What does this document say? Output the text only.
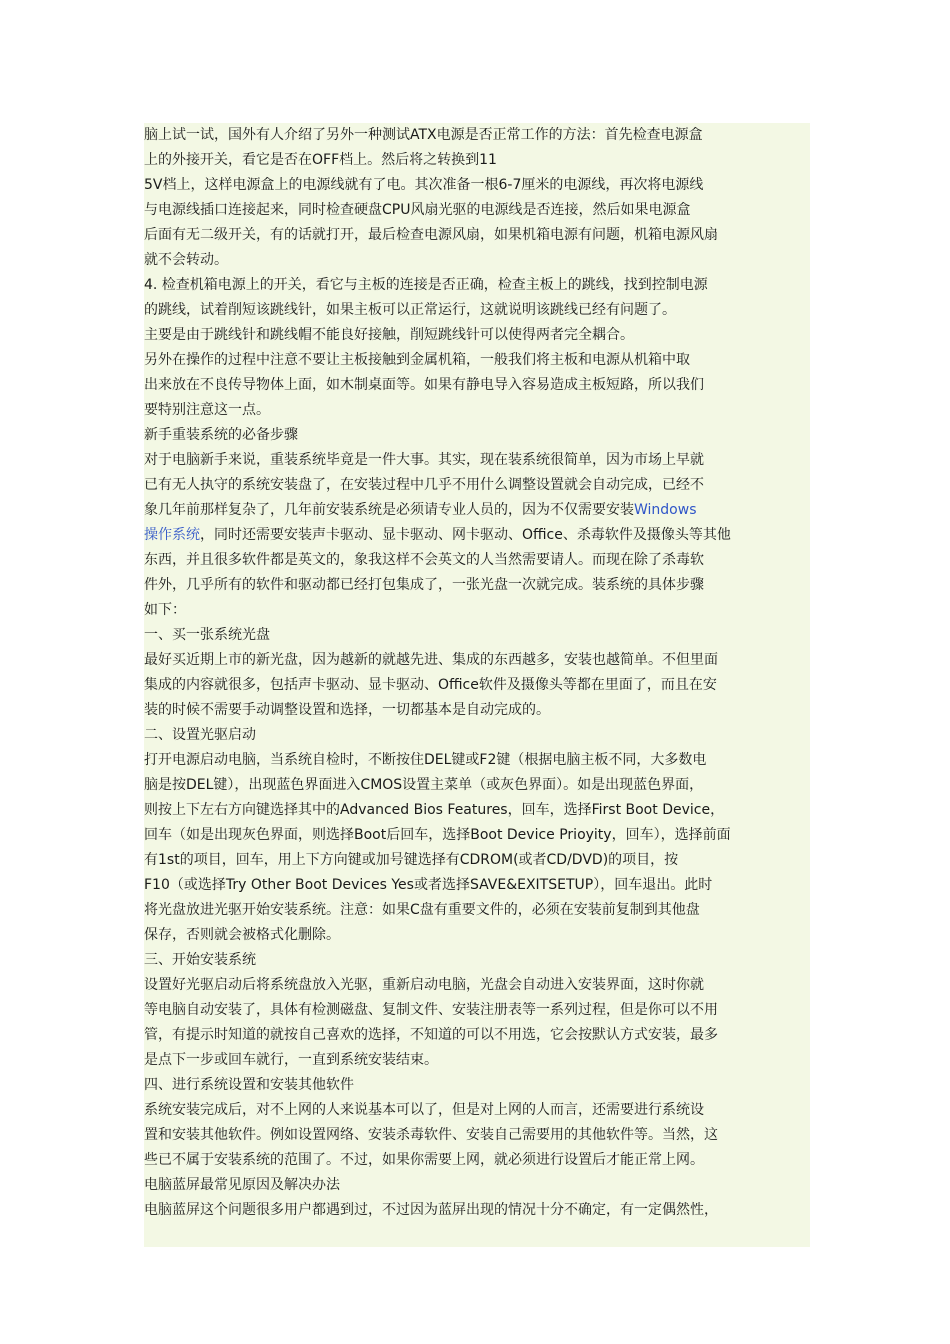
脑上试一试，国外有人介绍了另外一种测试ATX电源是否正常工作的方法：首先检查电源盒
上的外接开关，看它是否在OFF档上。然后将之转换到11
5V档上，这样电源盒上的电源线就有了电。其次准备一根6-7厘米的电源线，再次将电源线
与电源线插口连接起来，同时检查硬盘CPU风扇光驱的电源线是否连接，然后如果电源盒
后面有无二级开关，有的话就打开，最后检查电源风扇，如果机箱电源有问题，机箱电源风扇
就不会转动。
4. 检查机箱电源上的开关，看它与主板的连接是否正确，检查主板上的跳线，找到控制电源
的跳线，试着削短该跳线针，如果主板可以正常运行，这就说明该跳线已经有问题了。
主要是由于跳线针和跳线帽不能良好接触，削短跳线针可以使得两者完全耦合。
另外在操作的过程中注意不要让主板接触到金属机箱，一般我们将主板和电源从机箱中取
出来放在不良传导物体上面，如木制桌面等。如果有静电导入容易造成主板短路，所以我们
要特别注意这一点。
新手重装系统的必备步骤
对于电脑新手来说，重装系统毕竟是一件大事。其实，现在装系统很简单，因为市场上早就
已有无人执守的系统安装盘了，在安装过程中几乎不用什么调整设置就会自动完成，已经不
象几年前那样复杂了，几年前安装系统是必须请专业人员的，因为不仅需要安装Windows
操作系统，同时还需要安装声卡驱动、显卡驱动、网卡驱动、Office、杀毒软件及摄像头等其他
东西，并且很多软件都是英文的，象我这样不会英文的人当然需要请人。而现在除了杀毒软
件外，几乎所有的软件和驱动都已经打包集成了，一张光盘一次就完成。装系统的具体步骤
如下：
一、买一张系统光盘
最好买近期上市的新光盘，因为越新的就越先进、集成的东西越多，安装也越简单。不但里面
集成的内容就很多，包括声卡驱动、显卡驱动、Office软件及摄像头等都在里面了，而且在安
装的时候不需要手动调整设置和选择，一切都基本是自动完成的。
二、设置光驱启动
打开电源启动电脑，当系统自检时，不断按住DEL键或F2键（根据电脑主板不同，大多数电
脑是按DEL键），出现蓝色界面进入CMOS设置主菜单（或灰色界面）。如是出现蓝色界面，
则按上下左右方向键选择其中的Advanced Bios Features，回车，选择First Boot Device，
回车（如是出现灰色界面，则选择Boot后回车，选择Boot Device Prioyity，回车），选择前面
有1st的项目，回车，用上下方向键或加号键选择有CDROM(或者CD/DVD)的项目，按
F10（或选择Try Other Boot Devices Yes或者选择SAVE&EXITSETUP），回车退出。此时
将光盘放进光驱开始安装系统。注意：如果C盘有重要文件的，必须在安装前复制到其他盘
保存，否则就会被格式化删除。
三、开始安装系统
设置好光驱启动后将系统盘放入光驱，重新启动电脑，光盘会自动进入安装界面，这时你就
等电脑自动安装了，具体有检测磁盘、复制文件、安装注册表等一系列过程，但是你可以不用
管，有提示时知道的就按自己喜欢的选择，不知道的可以不用选，它会按默认方式安装，最多
是点下一步或回车就行，一直到系统安装结束。
四、进行系统设置和安装其他软件
系统安装完成后，对不上网的人来说基本可以了，但是对上网的人而言，还需要进行系统设
置和安装其他软件。例如设置网络、安装杀毒软件、安装自己需要用的其他软件等。当然，这
些已不属于安装系统的范围了。不过，如果你需要上网，就必须进行设置后才能正常上网。
电脑蓝屏最常见原因及解决办法
电脑蓝屏这个问题很多用户都遇到过，不过因为蓝屏出现的情况十分不确定，有一定偶然性，
